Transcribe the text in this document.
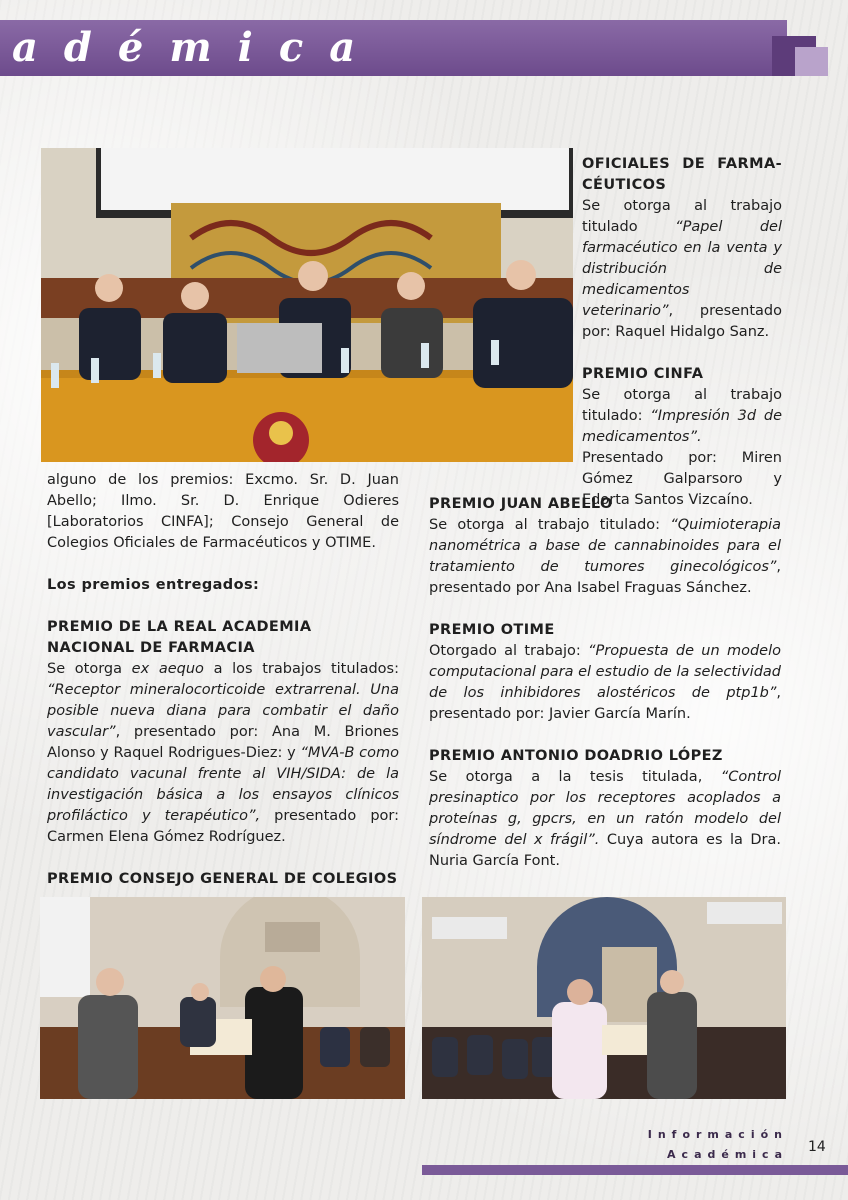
adémica
OFICIALES DE FARMA-CÉUTICOS

Se otorga al trabajo titulado	“Papel del farmacéutico en la venta y distribución de medicamentos veterinario”, presentado por: Raquel Hidalgo Sanz.

PREMIO CINFA

Se otorga al trabajo titulado: “Impresión 3d de medicamentos”. Presentado por: Miren Gómez Galparsoro y Edorta Santos Vizcaíno.

alguno de los premios: Excmo. Sr. D. Juan Abello; Ilmo. Sr. D. Enrique Odieres [Laboratorios CINFA]; Consejo General de Colegios Oficiales de Farmacéuticos y OTIME.

Los premios entregados:
PREMIO DE LA REAL ACADEMIA NACIONAL DE FARMACIA

Se otorga ex aequo a los trabajos titulados: “Receptor mineralocorticoide extrarrenal. Una posible nueva diana para combatir el daño vascular”, presentado por: Ana M. Briones Alonso y Raquel Rodrigues-Diez: y “MVA-B como candidato vacunal frente al VIH/SIDA: de la investigación básica a los ensayos clínicos profiláctico y terapéutico”, presentado por: Carmen Elena Gómez Rodríguez.

PREMIO CONSEJO GENERAL DE COLEGIOS
PREMIO JUAN ABELLO

Se otorga al trabajo titulado: “Quimioterapia nanométrica a base de cannabinoides para el tratamiento de tumores ginecológicos”, presentado por Ana Isabel Fraguas Sánchez.

PREMIO OTIME

Otorgado al trabajo: “Propuesta de un modelo computacional para el estudio de la selectividad de los inhibidores alostéricos de ptp1b”, presentado por: Javier García Marín.

PREMIO ANTONIO DOADRIO LÓPEZ

Se otorga a la tesis titulada, “Control presinaptico por los receptores acoplados a proteínas g, gpcrs, en un ratón modelo del síndrome del x frágil”. Cuya autora es la Dra. Nuria García Font.

Información
Académica 14
